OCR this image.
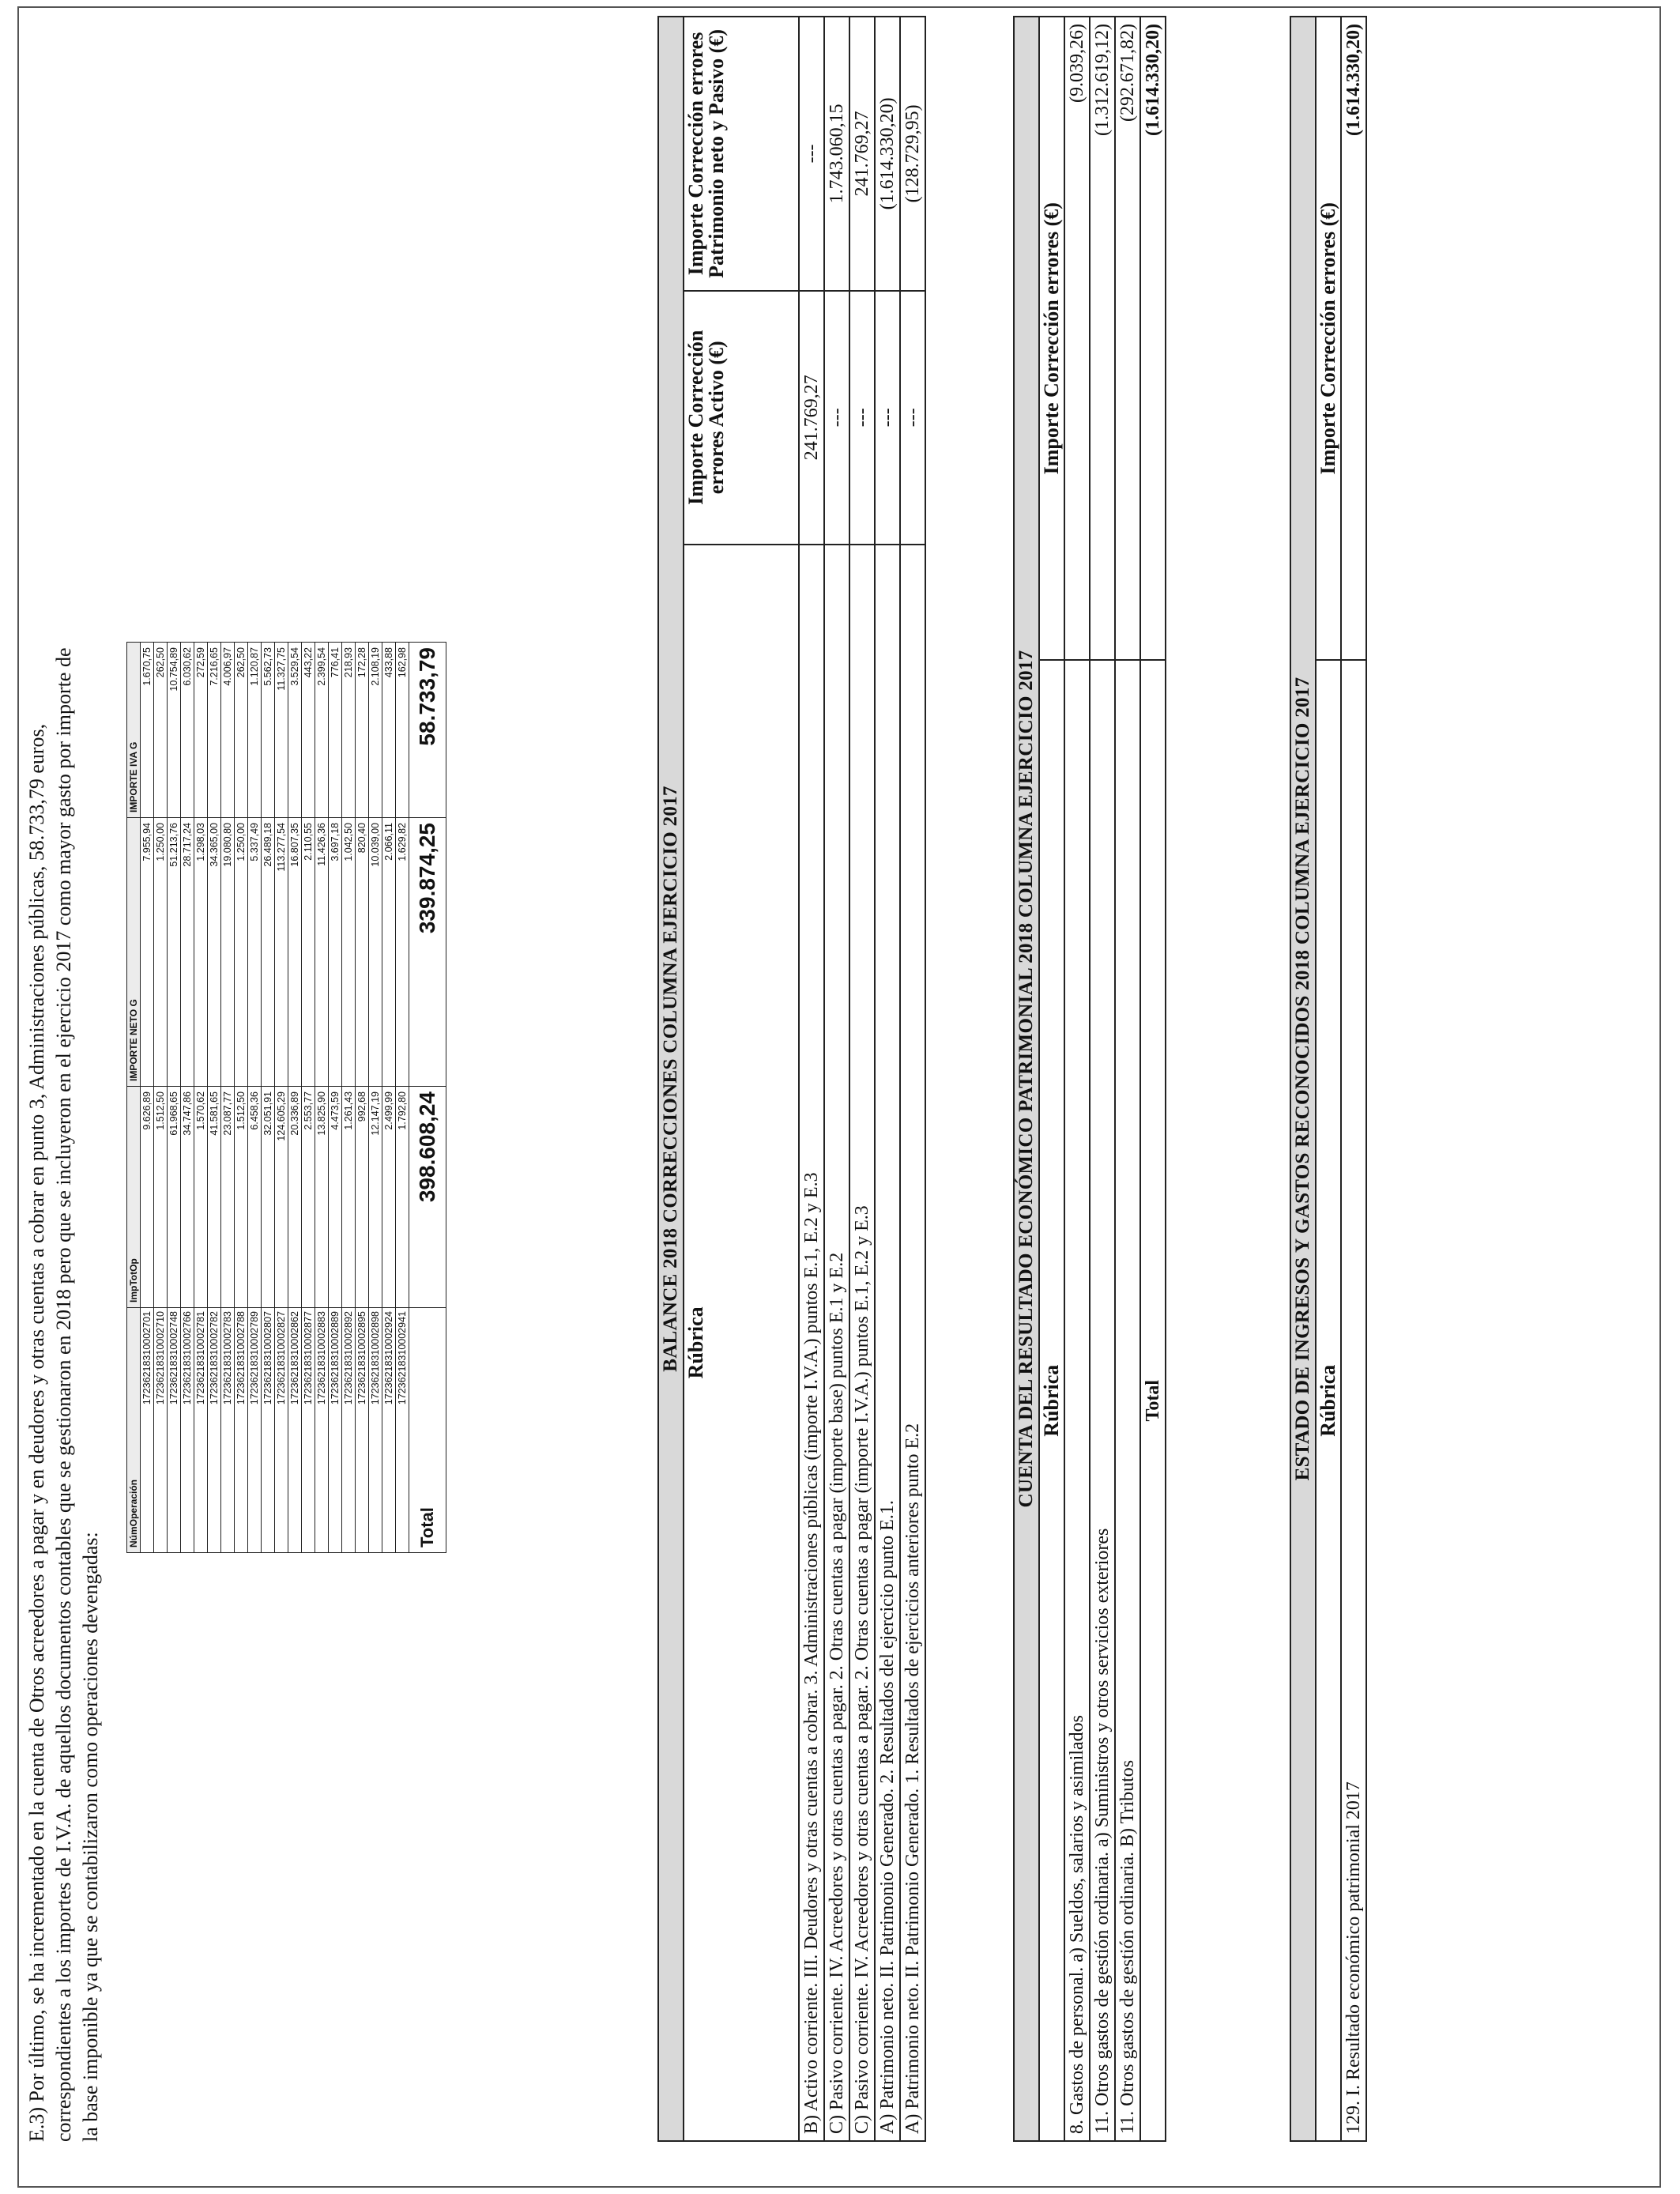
E.3) Por último, se ha incrementado en la cuenta de Otros acreedores a pagar y en deudores y otras cuentas a cobrar en punto 3, Administraciones públicas, 58.733,79 euros, correspondientes a los importes de I.V.A. de aquellos documentos contables que se gestionaron en 2018 pero que se incluyeron en el ejercicio 2017 como mayor gasto por importe de la base imponible ya que se contabilizaron como operaciones devengadas:
NúmOperación	ImpTotOp	IMPORTE NETO G	IMPORTE IVA G
17236218310002701	9.626,89	7.955,94	1.670,75
17236218310002710	1.512,50	1.250,00	262,50
17236218310002748	61.968,65	51.213,76	10.754,89
17236218310002766	34.747,86	28.717,24	6.030,62
17236218310002781	1.570,62	1.298,03	272,59
17236218310002782	41.581,65	34.365,00	7.216,65
17236218310002783	23.087,77	19.080,80	4.006,97
17236218310002788	1.512,50	1.250,00	262,50
17236218310002789	6.458,36	5.337,49	1.120,87
17236218310002807	32.051,91	26.489,18	5.562,73
17236218310002827	124.605,29	113.277,54	11.327,75
17236218310002862	20.336,89	16.807,35	3.529,54
17236218310002877	2.553,77	2.110,55	443,22
17236218310002883	13.825,90	11.426,36	2.399,54
17236218310002889	4.473,59	3.697,18	776,41
17236218310002892	1.261,43	1.042,50	218,93
17236218310002895	992,68	820,40	172,28
17236218310002898	12.147,19	10.039,00	2.108,19
17236218310002924	2.499,99	2.066,11	433,88
17236218310002941	1.792,80	1.629,82	162,98
Total	398.608,24	339.874,25	58.733,79
BALANCE 2018 CORRECCIONES COLUMNA EJERCICIO 2017		
Rúbrica	Importe Corrección errores Activo (€)	Importe Corrección errores Patrimonio neto y Pasivo (€)
B) Activo corriente. III. Deudores y otras cuentas a cobrar. 3. Administraciones públicas (importe I.V.A.) puntos E.1, E.2 y E.3	241.769,27	---
C) Pasivo corriente. IV. Acreedores y otras cuentas a pagar. 2. Otras cuentas a pagar (importe base) puntos E.1 y E.2	---	1.743.060,15
C) Pasivo corriente. IV. Acreedores y otras cuentas a pagar. 2. Otras cuentas a pagar (importe I.V.A.) puntos E.1, E.2 y E.3	---	241.769,27
A) Patrimonio neto. II. Patrimonio Generado. 2. Resultados del ejercicio punto E.1.	---	(1.614.330,20)
A) Patrimonio neto. II. Patrimonio Generado. 1. Resultados de ejercicios anteriores punto E.2	---	(128.729,95)
CUENTA DEL RESULTADO ECONÓMICO PATRIMONIAL 2018 COLUMNA EJERCICIO 2017	
Rúbrica	Importe Corrección errores (€)
8. Gastos de personal. a) Sueldos, salarios y asimilados	(9.039,26)
11. Otros gastos de gestión ordinaria. a) Suministros y otros servicios exteriores	(1.312.619,12)
11. Otros gastos de gestión ordinaria. B) Tributos	(292.671,82)
Total	(1.614.330,20)
ESTADO DE INGRESOS Y GASTOS RECONOCIDOS 2018 COLUMNA EJERCICIO 2017	
Rúbrica	Importe Corrección errores (€)
129. I. Resultado económico patrimonial 2017	(1.614.330,20)
